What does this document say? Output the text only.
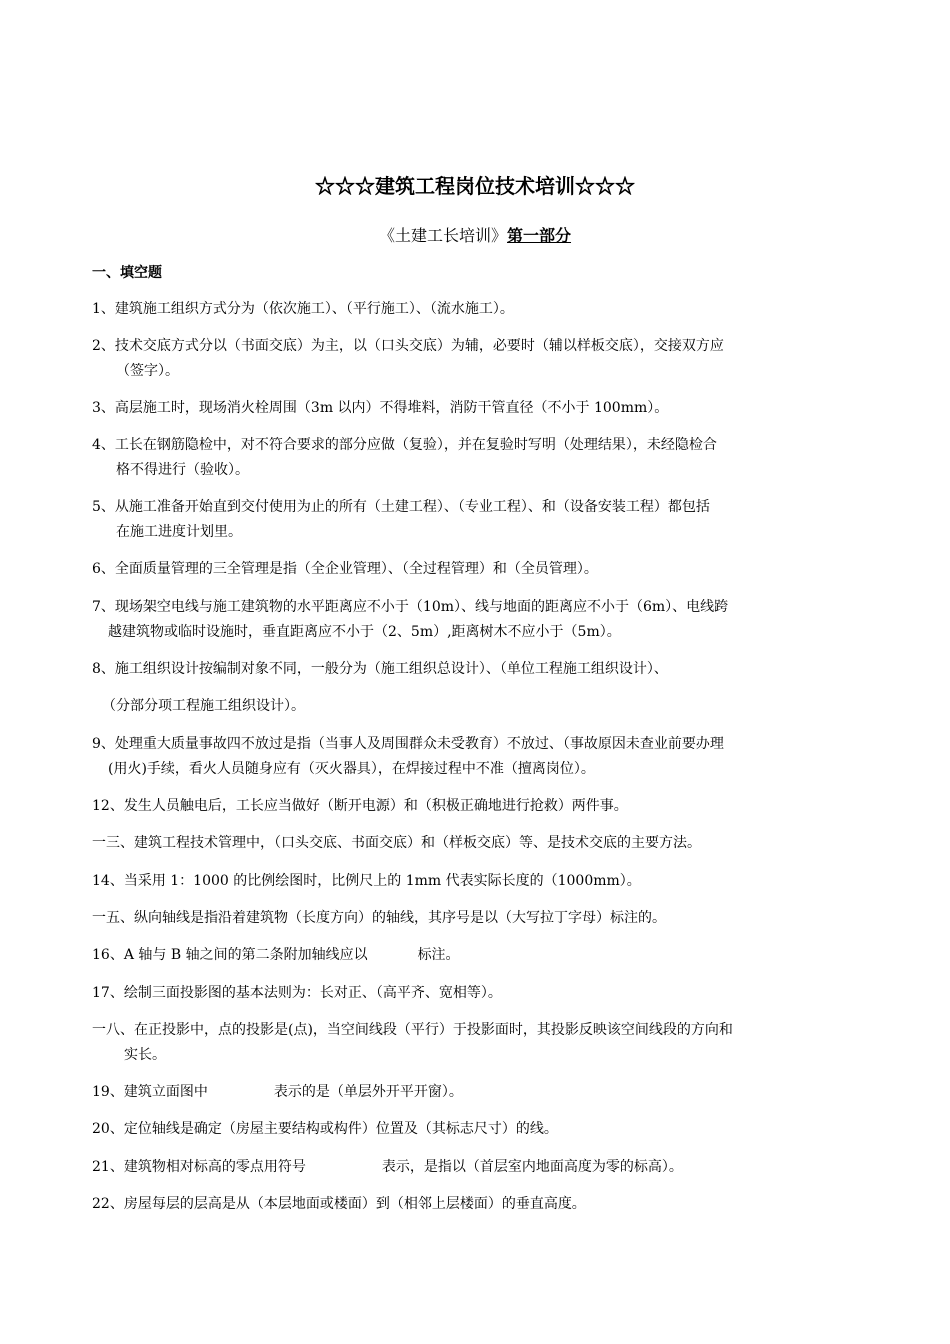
☆☆☆建筑工程岗位技术培训☆☆☆
《土建工长培训》第一部分
一、填空题
1、建筑施工组织方式分为（依次施工）、（平行施工）、（流水施工）。
2、技术交底方式分以（书面交底）为主，以（口头交底）为辅，必要时（辅以样板交底），交接双方应
（签字）。
3、高层施工时，现场消火栓周围（3m 以内）不得堆料，消防干管直径（不小于 100mm）。
4、工长在钢筋隐检中，对不符合要求的部分应做（复验），并在复验时写明（处理结果），未经隐检合
格不得进行（验收）。
5、从施工准备开始直到交付使用为止的所有（土建工程）、（专业工程）、和（设备安装工程）都包括
在施工进度计划里。
6、全面质量管理的三全管理是指（全企业管理）、（全过程管理）和（全员管理）。
7、现场架空电线与施工建筑物的水平距离应不小于（10m）、线与地面的距离应不小于（6m）、电线跨
越建筑物或临时设施时，垂直距离应不小于（2、5m）,距离树木不应小于（5m）。
8、施工组织设计按编制对象不同，一般分为（施工组织总设计）、（单位工程施工组织设计）、
（分部分项工程施工组织设计）。
9、处理重大质量事故四不放过是指（当事人及周围群众未受教育）不放过、（事故原因未查业前要办理
(用火)手续，看火人员随身应有（灭火器具），在焊接过程中不准（擅离岗位）。
12、发生人员触电后，工长应当做好（断开电源）和（积极正确地进行抢救）两件事。
一三、建筑工程技术管理中，（口头交底、书面交底）和（样板交底）等、是技术交底的主要方法。
14、当采用 1：1000 的比例绘图时，比例尺上的 1mm 代表实际长度的（1000mm）。
一五、纵向轴线是指沿着建筑物（长度方向）的轴线，其序号是以（大写拉丁字母）标注的。
16、A 轴与 B 轴之间的第二条附加轴线应以	标注。
17、绘制三面投影图的基本法则为：长对正、（高平齐、宽相等）。
一八、在正投影中，点的投影是(点)，当空间线段（平行）于投影面时，其投影反映该空间线段的方向和
实长。
19、建筑立面图中	表示的是（单层外开平开窗）。
20、定位轴线是确定（房屋主要结构或构件）位置及（其标志尺寸）的线。
21、建筑物相对标高的零点用符号	表示，是指以（首层室内地面高度为零的标高）。
22、房屋每层的层高是从（本层地面或楼面）到（相邻上层楼面）的垂直高度。
